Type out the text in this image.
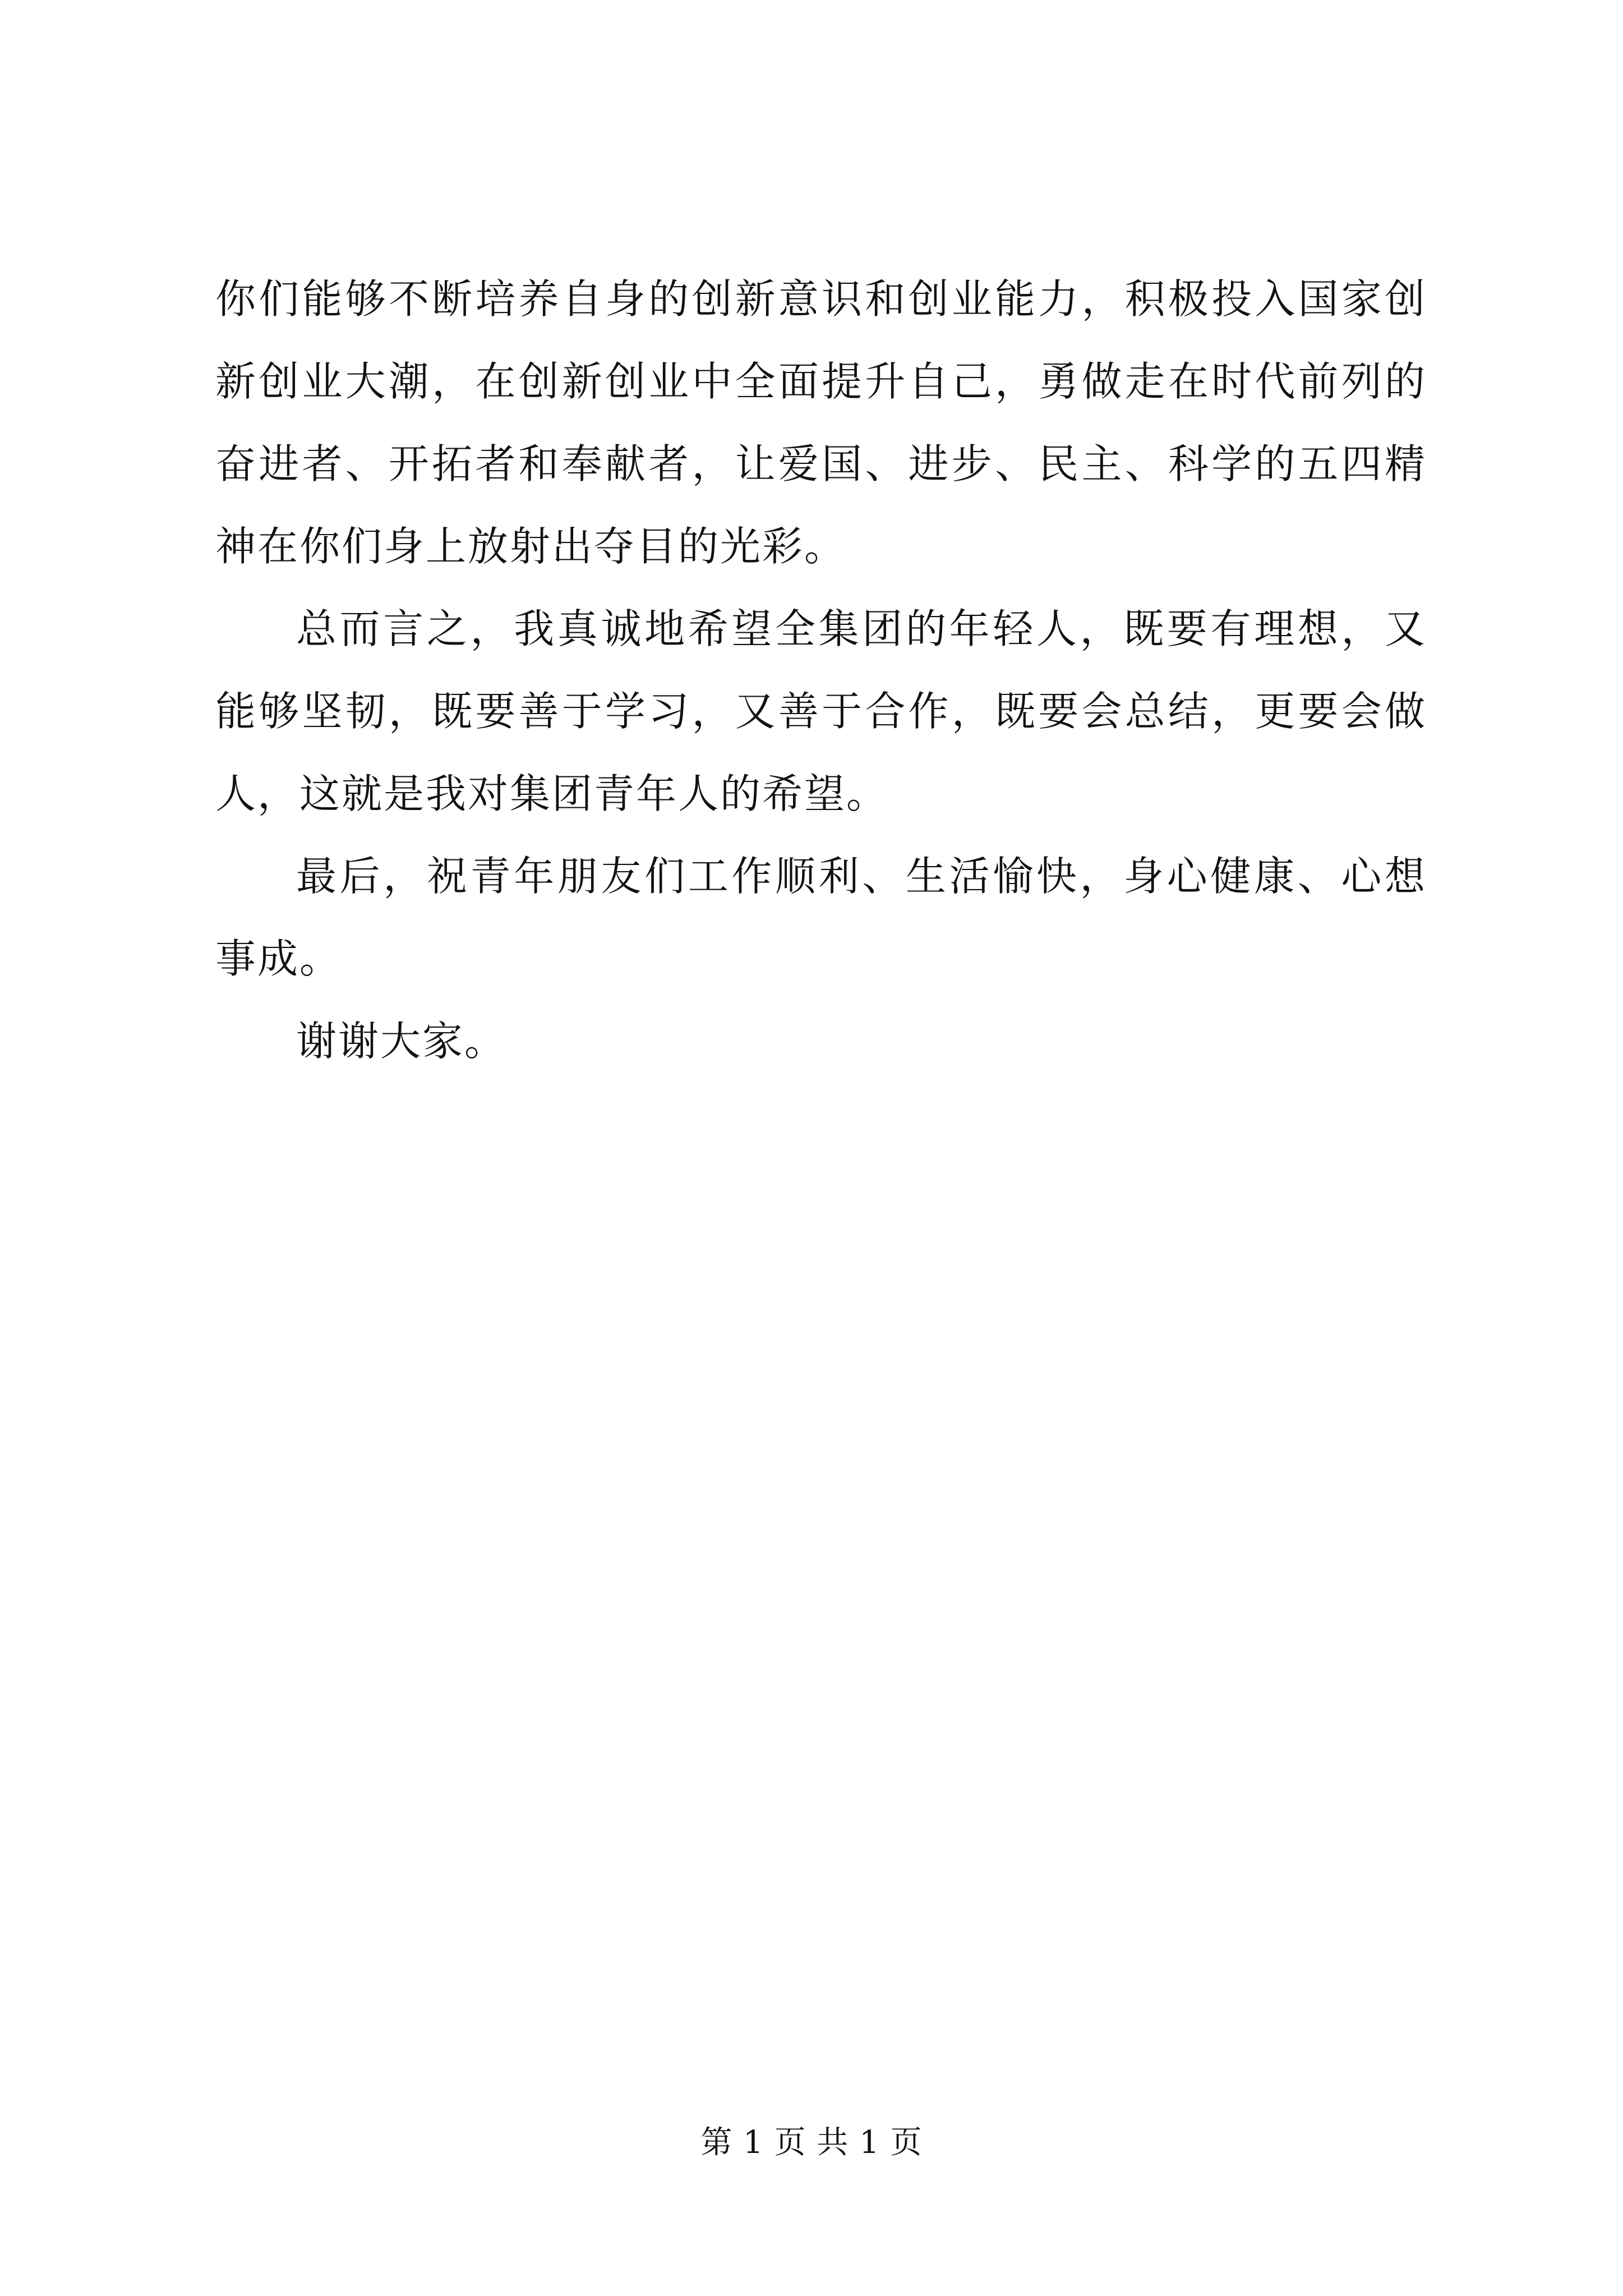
你们能够不断培养自身的创新意识和创业能力，积极投入国家创新创业大潮，在创新创业中全面提升自己，勇做走在时代前列的奋进者、开拓者和奉献者，让爱国、进步、民主、科学的五四精神在你们身上放射出夺目的光彩。

总而言之，我真诚地希望全集团的年轻人，既要有理想，又能够坚韧，既要善于学习，又善于合作，既要会总结，更要会做人，这就是我对集团青年人的希望。

最后，祝青年朋友们工作顺利、生活愉快，身心健康、心想事成。

谢谢大家。

第 1 页 共 1 页
